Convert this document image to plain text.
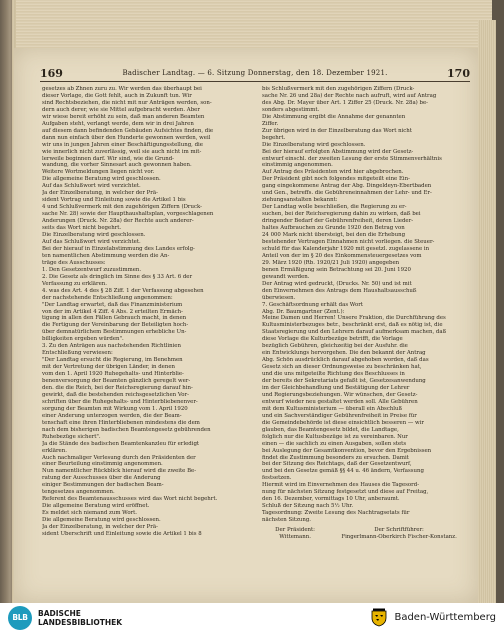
169	Badischer Landtag. — 6. Sitzung Donnerstag, den 18. Dezember 1921.	170

gesetzes ab Zhnen zuru zu. Wir werden das überhaupt bei

dieser Vorlage, die Gott fehlt, auch in Zukunft tun. Wir

sind Rechtsbeziehen, die nicht mit nur Anträgen werden, son-

dern auch derer, wie sie Mittel aufgebracht werden. Aber

wir wiese bereit erhöht zu sein, daß man anderen Beamten

Aufgaben steht, verlangt werde, dem wir in drei Jahren

auf diesem dann befindenden Gebäuden Aufsichtes finden, die

dann nun einfach über den Hunderte gewonnen werden, weil

wir uns in jungen Jahren einer Beschäftigungsstellung, die

wie innerlich nicht zuverlässig, weil sie auch nicht im mit-

lerweile beginnen darf. Wir sind, wie die Grund-

wandung, die vorher Sinnesart auch gewonnen haben.

Weitere Wortmeldungen liegen nicht vor.

Die allgemeine Beratung wird geschlossen.

Auf das Schlußwort wird verzichtet.

Ja der Einzelberatung, in welcher der Prä-

sident Vortrag und Einleitung sowie die Artikel 1 bis

4 und Schlußvermerk mit den zugehörigen Ziffern (Druck-

sache Nr. 28) sowie der Haupthaushaltsplan, vorgeschlagenen

Änderungen (Druck. Nr. 28a) der Rechte auch anderer-

seits das Wort nicht begehrt.

Die Einzelberatung wird geschlossen.

Auf das Schlußwort wird verzichtet.

Bei der hierauf in Einzelabstimmung des Landes erfolg-

ten namentlichen Abstimmung werden die An-

träge des Ausschusses:

1. Den Gesetzentwurf zuzustimmen.

2. Die Gesetz als dringlich im Sinne des § 33 Art. 6 der

Verfassung zu erklären.

4. was des Art. 4 des § 28 Ziff. 1 der Verfassung abgesehen

der nachstehende Entschließung angenommen:

"Der Landtag erwartet, daß das Finanzministerium

von der im Artikel 4 Ziff. 4 Abs. 2 erteilten Ermäch-

tigung in allen den Fällen Gebrauch macht, in denen

die Fertigung der Vereinbarung der Beteiligten hoch-

über demnatürlichem Bestimmungen erhebliche Un-

billigkeiten ergeben würden".

3. Zu den Anträgen aus nachstehenden Richtlinien

Entschließung verwiesen:

"Der Landtag ersucht die Regierung, im Benehmen

mit der Vertretung der übrigen Länder, in denen

vom den 1. April 1920 Ruhegehalts- und Hinterblie-

benenversorgung der Beamten gänzlich geregelt wer-

den. die die Reich, bei der Reichsregierung darauf hin-

gewirkt, daß die bestehenden reichsgesetzlichen Vor-

schriften über die Ruhegehalts- und Hinterbliebenenver-

sorgung der Beamten mit Wirkung vom 1. April 1920

einer Änderung unterzogen werden, die der Beam-

tenschaft eine ihren Hinterbliebenen mindestens die dem

nach dem bisherigen badischen Beamtengesetz gebührenden

Ruhebezüge sichert".

Ja die Stände des badischen Beamtenkanzleu für erledigt

erklären.

Auch nachmaliger Verlesung durch den Präsidenten der

einer Beurteilung einstimmig angenommen.

Nun namentlicher Rückblick hierauf wird die zweite Be-

ratung der Ausschusses über die Änderung

einiger Bestimmungen der badischen Beam-

tengesetzes angenommen.

Referent des Beamtenausschusses wird das Wort nicht begehrt.

Die allgemeine Beratung wird eröffnet.

Es meldet sich niemand zum Wort.

Die allgemeine Beratung wird geschlossen.

Ja der Einzelberatung, in welcher der Prä-

sident Überschrift und Einleitung sowie die Artikel 1 bis 8

bis Schlußvermerk mit den zugehörigen Ziffern (Druck-

sache Nr. 26 und 28a) der Rechte nach aufruft, wird auf Antrag

des Abg. Dr. Mayer über Art. 1 Ziffer 25 (Druck. Nr. 28a) be-

sonders abgestimmt.

Die Abstimmung ergibt die Annahme der genannten

Ziffer.

Zur übrigen wird in der Einzelberatung das Wort nicht

begehrt.

Die Einzelberatung wird geschlossen.

Bei der hierauf erfolgten Abstimmung wird der Gesetz-

entwurf einschl. der zweiten Lesung der erste Stimmenverhältnis

einstimmig angenommen.

Auf Antrag des Präsidenten wird hier abgebrochen.

Der Präsident gibt noch folgendes mitgeteilt eine Ein-

gang eingekommene Antrag der Abg. Dingeldeyn-Ebertbaden

und Gen., betreffs. die Gebühreneinnahmen der Lehr- und Er-

ziehungsanstalten bekannt:

Der Landtag wolle beschließen, die Regierung zu er-

suchen, bei der Reichsregierung dahin zu wirken, daß bei

dringender Bedarf der Gebührenfreiheit, deren Lieder-

haltes Aufbrauchen zu Grunde 1920 den Betrag von

24 000 Mark nicht übersteigt, bei den die Erhebung

bestehender Vertragen Einnahmen nicht vorliegen. die Steuer-

schuld für das Kalenderjahr 1920 mit gesetzl. zugelassene in

Anteil von der im § 20 des Einkommensteuergesetzes vom

29. März 1920 (Rb. 1920/21 Juli 1920) angegeben

benen Ermäßigung sein Betrachtung sei 20. Juni 1920

gewandt werden.

Der Antrag wird gedruckt, (Drucks. Nr. 50) und ist mit

den Einvernehmen des Antrags dem Haushaltsausschuß

überwiesen.

7. Geschäftsordnung erhält das Wort

Abg. Dr. Baumgartner (Zent.):

Meine Damen und Herren! Unsere Fraktion, die Durchführung des

Kultusministerbezuges betr., beschränkt erst, daß es nötig ist, die

Staatsregierung und den Lehrern darauf aufmerksam machen, daß

diese Vorlage die Kulturbezüge betrifft, die Vorlage

bezüglich Gebühren, gleichzeitig bei der Ausfuhr. die

ein Entwicklungs hervorgehen. Die den bekannt der Antrag

Abg. Schön ausdrücklich darauf abgehoben worden, daß das

Gesetz sich an dieser Ordnungsweise zu beschränken hat,

und die uns mitgeteilte Richtung des Beschlusses in

der bereits der Sekretariats gefaßt ist, Gesetzesanwendung

im der Gleichbehandlung und Bestätigung der Lehrer

und Regierungsbeziehungen. Wir wünschen, der Gesetz-

entwurf wieder neu gestaltet werden soll. Alle Gebühren

mit dem Kultusministerium — überall ein Abschluß

und ein Sachverständiger Gebührenfreiheit in Preise für

die Gemeindebehörde ist diese einsichtlich besseren — wir

glauben, das Beamtengesetz bildet, die Landtage,

folglich nur die Kultusbezüge ist zu vereinbaren. Nur

einen — die sachlich zu einen Ausgaben, sollen stets

bei Auslegung der Gesamtkonvention, bevor den Ergebnissen

findet die Zustimmung besonders zu ersuchen. Damit

bei der Sitzung des Reichtags, daß der Gesetzentwurf,

und bei den Gesetze gemäß §§ 44 u. 46 ändern, Verfassung

festsetzen.

Hiermit wird im Einvernehmen des Hauses die Tagesord-

nung für nächsten Sitzung festgesetzt und diese auf Freitag,

den 16. Dezember, vormittags 10 Uhr, anberaumt.

Schluß der Sitzung nach 5½ Uhr.

Tagesordnung: Zweite Lesung des Nachtragsetats für

nächsten Sitzung.

Der Präsident:
Wittemann.
Der Schriftführer:
Fingerlmann-Oberkirch Fischer-Konstanz.
BLB	BADISCHE
LANDESBIBLIOTHEK	Baden-Württemberg
